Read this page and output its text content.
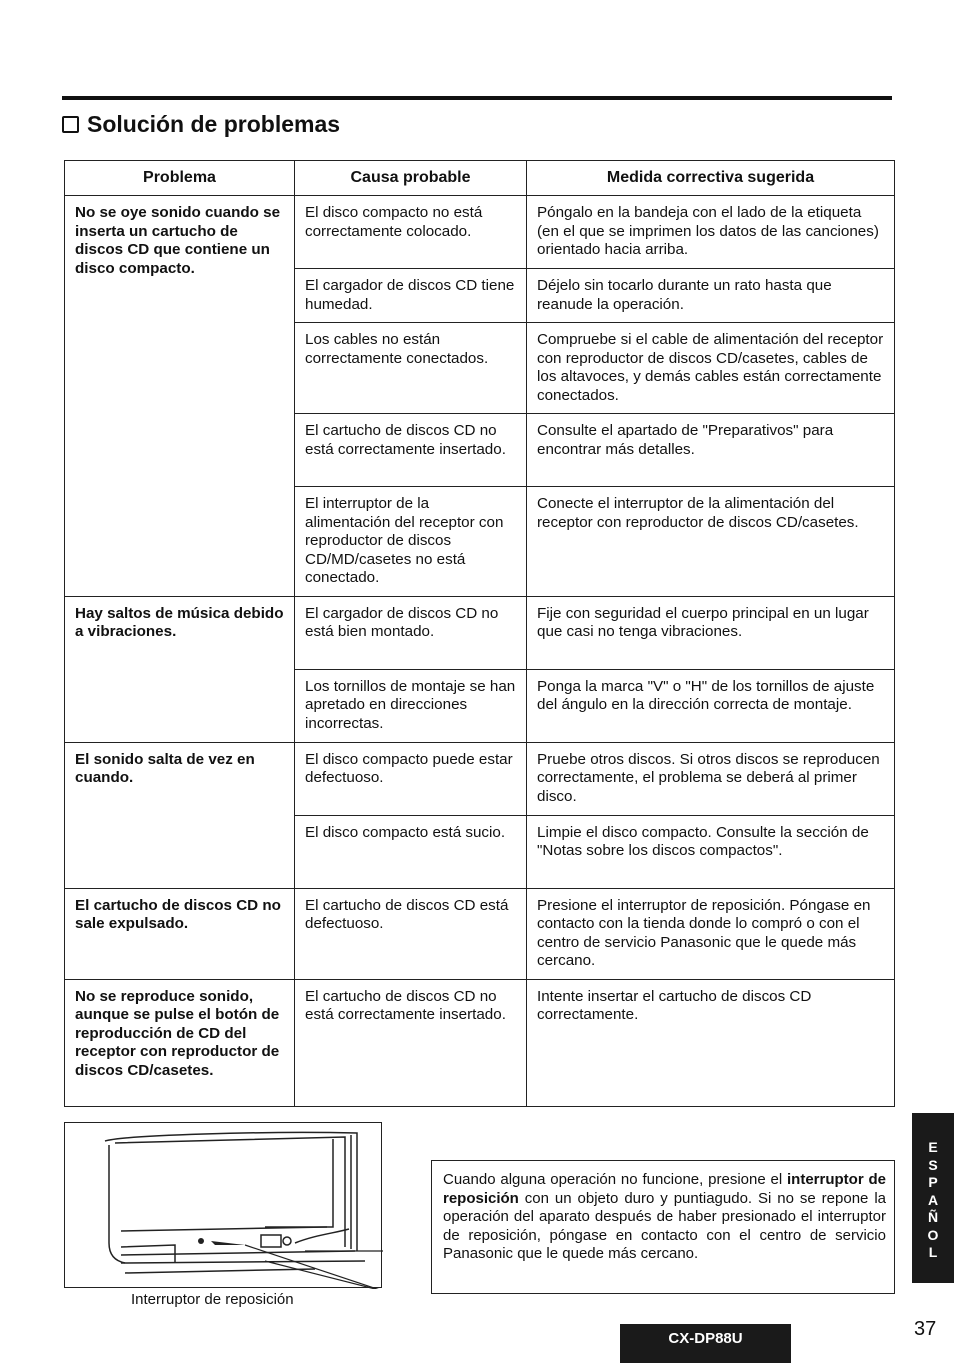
Solución de problemas
Problema	Causa probable	Medida correctiva sugerida
No se oye sonido cuando se inserta un cartucho de discos CD que contiene un disco compacto.	El disco compacto no está correctamente colocado.	Póngalo en la bandeja con el lado de la etiqueta (en el que se imprimen los datos de las canciones) orientado hacia arriba.
	El cargador de discos CD tiene humedad.	Déjelo sin tocarlo durante un rato hasta que reanude la operación.
	Los cables no están correctamente conectados.	Compruebe si el cable de alimentación del receptor con reproductor de discos CD/casetes, cables de los altavoces, y demás cables están correctamente conectados.
	El cartucho de discos CD no está correctamente insertado.	Consulte el apartado de "Preparativos" para encontrar más detalles.
	El interruptor de la alimentación del receptor con reproductor de discos CD/MD/casetes no está conectado.	Conecte el interruptor de la alimentación del receptor con reproductor de discos CD/casetes.
Hay saltos de música debido a vibraciones.	El cargador de discos CD no está bien montado.	Fije con seguridad el cuerpo principal en un lugar que casi no tenga vibraciones.
	Los tornillos de montaje se han apretado en direcciones incorrectas.	Ponga la marca "V" o "H" de los tornillos de ajuste del ángulo en la dirección correcta de montaje.
El sonido salta de vez en cuando.	El disco compacto puede estar defectuoso.	Pruebe otros discos. Si otros discos se reproducen correctamente, el problema se deberá al primer disco.
	El disco compacto está sucio.	Limpie el disco compacto. Consulte la sección de "Notas sobre los discos compactos".
El cartucho de discos CD no sale expulsado.	El cartucho de discos CD está defectuoso.	Presione el interruptor de reposición. Póngase en contacto con la tienda donde lo compró o con el centro de servicio Panasonic que le quede más cercano.
No se reproduce sonido, aunque se pulse el botón de reproducción de CD del receptor con reproductor de discos CD/casetes.	El cartucho de discos CD no está correctamente insertado.	Intente insertar el cartucho de discos CD correctamente.
E
S
P
A
Ñ
O
L
Interruptor de reposición
Cuando alguna operación no funcione, presione el interruptor de reposición con un objeto duro y puntiagudo. Si no se repone la operación del aparato después de haber presionado el interruptor de reposición, póngase en contacto con el centro de servicio Panasonic que le quede más cercano.
CX-DP88U	37
